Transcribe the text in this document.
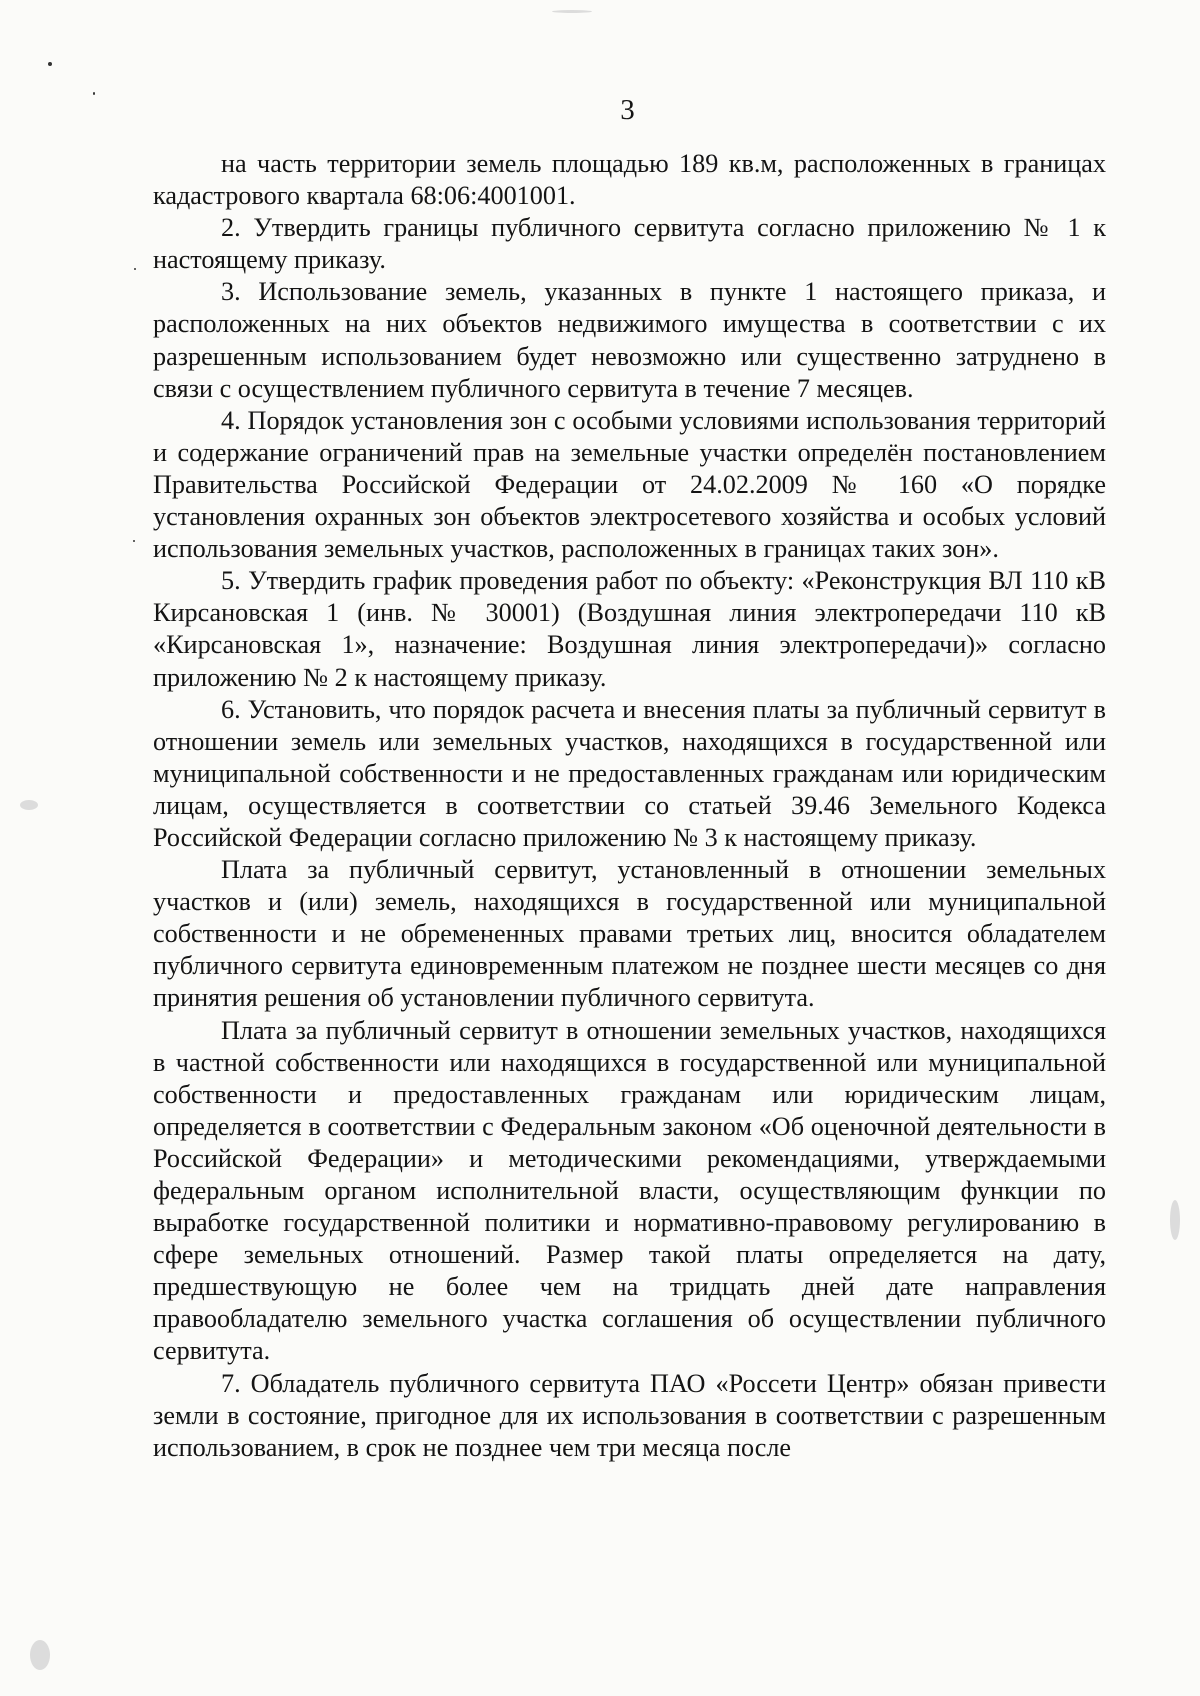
3

на часть территории земель площадью 189 кв.м, расположенных в границах кадастрового квартала 68:06:4001001.

2. Утвердить границы публичного сервитута согласно приложению № 1 к настоящему приказу.

3. Использование земель, указанных в пункте 1 настоящего приказа, и расположенных на них объектов недвижимого имущества в соответствии с их разрешенным использованием будет невозможно или существенно затруднено в связи с осуществлением публичного сервитута в течение 7 месяцев.

4. Порядок установления зон с особыми условиями использования территорий и содержание ограничений прав на земельные участки определён постановлением Правительства Российской Федерации от 24.02.2009 № 160 «О порядке установления охранных зон объектов электросетевого хозяйства и особых условий использования земельных участков, расположенных в границах таких зон».

5. Утвердить график проведения работ по объекту: «Реконструкция ВЛ 110 кВ Кирсановская 1 (инв. № 30001) (Воздушная линия электропередачи 110 кВ «Кирсановская 1», назначение: Воздушная линия электропередачи)» согласно приложению № 2 к настоящему приказу.

6. Установить, что порядок расчета и внесения платы за публичный сервитут в отношении земель или земельных участков, находящихся в государственной или муниципальной собственности и не предоставленных гражданам или юридическим лицам, осуществляется в соответствии со статьей 39.46 Земельного Кодекса Российской Федерации согласно приложению № 3 к настоящему приказу.

Плата за публичный сервитут, установленный в отношении земельных участков и (или) земель, находящихся в государственной или муниципальной собственности и не обремененных правами третьих лиц, вносится обладателем публичного сервитута единовременным платежом не позднее шести месяцев со дня принятия решения об установлении публичного сервитута.

Плата за публичный сервитут в отношении земельных участков, находящихся в частной собственности или находящихся в государственной или муниципальной собственности и предоставленных гражданам или юридическим лицам, определяется в соответствии с Федеральным законом «Об оценочной деятельности в Российской Федерации» и методическими рекомендациями, утверждаемыми федеральным органом исполнительной власти, осуществляющим функции по выработке государственной политики и нормативно-правовому регулированию в сфере земельных отношений. Размер такой платы определяется на дату, предшествующую не более чем на тридцать дней дате направления правообладателю земельного участка соглашения об осуществлении публичного сервитута.

7. Обладатель публичного сервитута ПАО «Россети Центр» обязан привести земли в состояние, пригодное для их использования в соответствии с разрешенным использованием, в срок не позднее чем три месяца после
